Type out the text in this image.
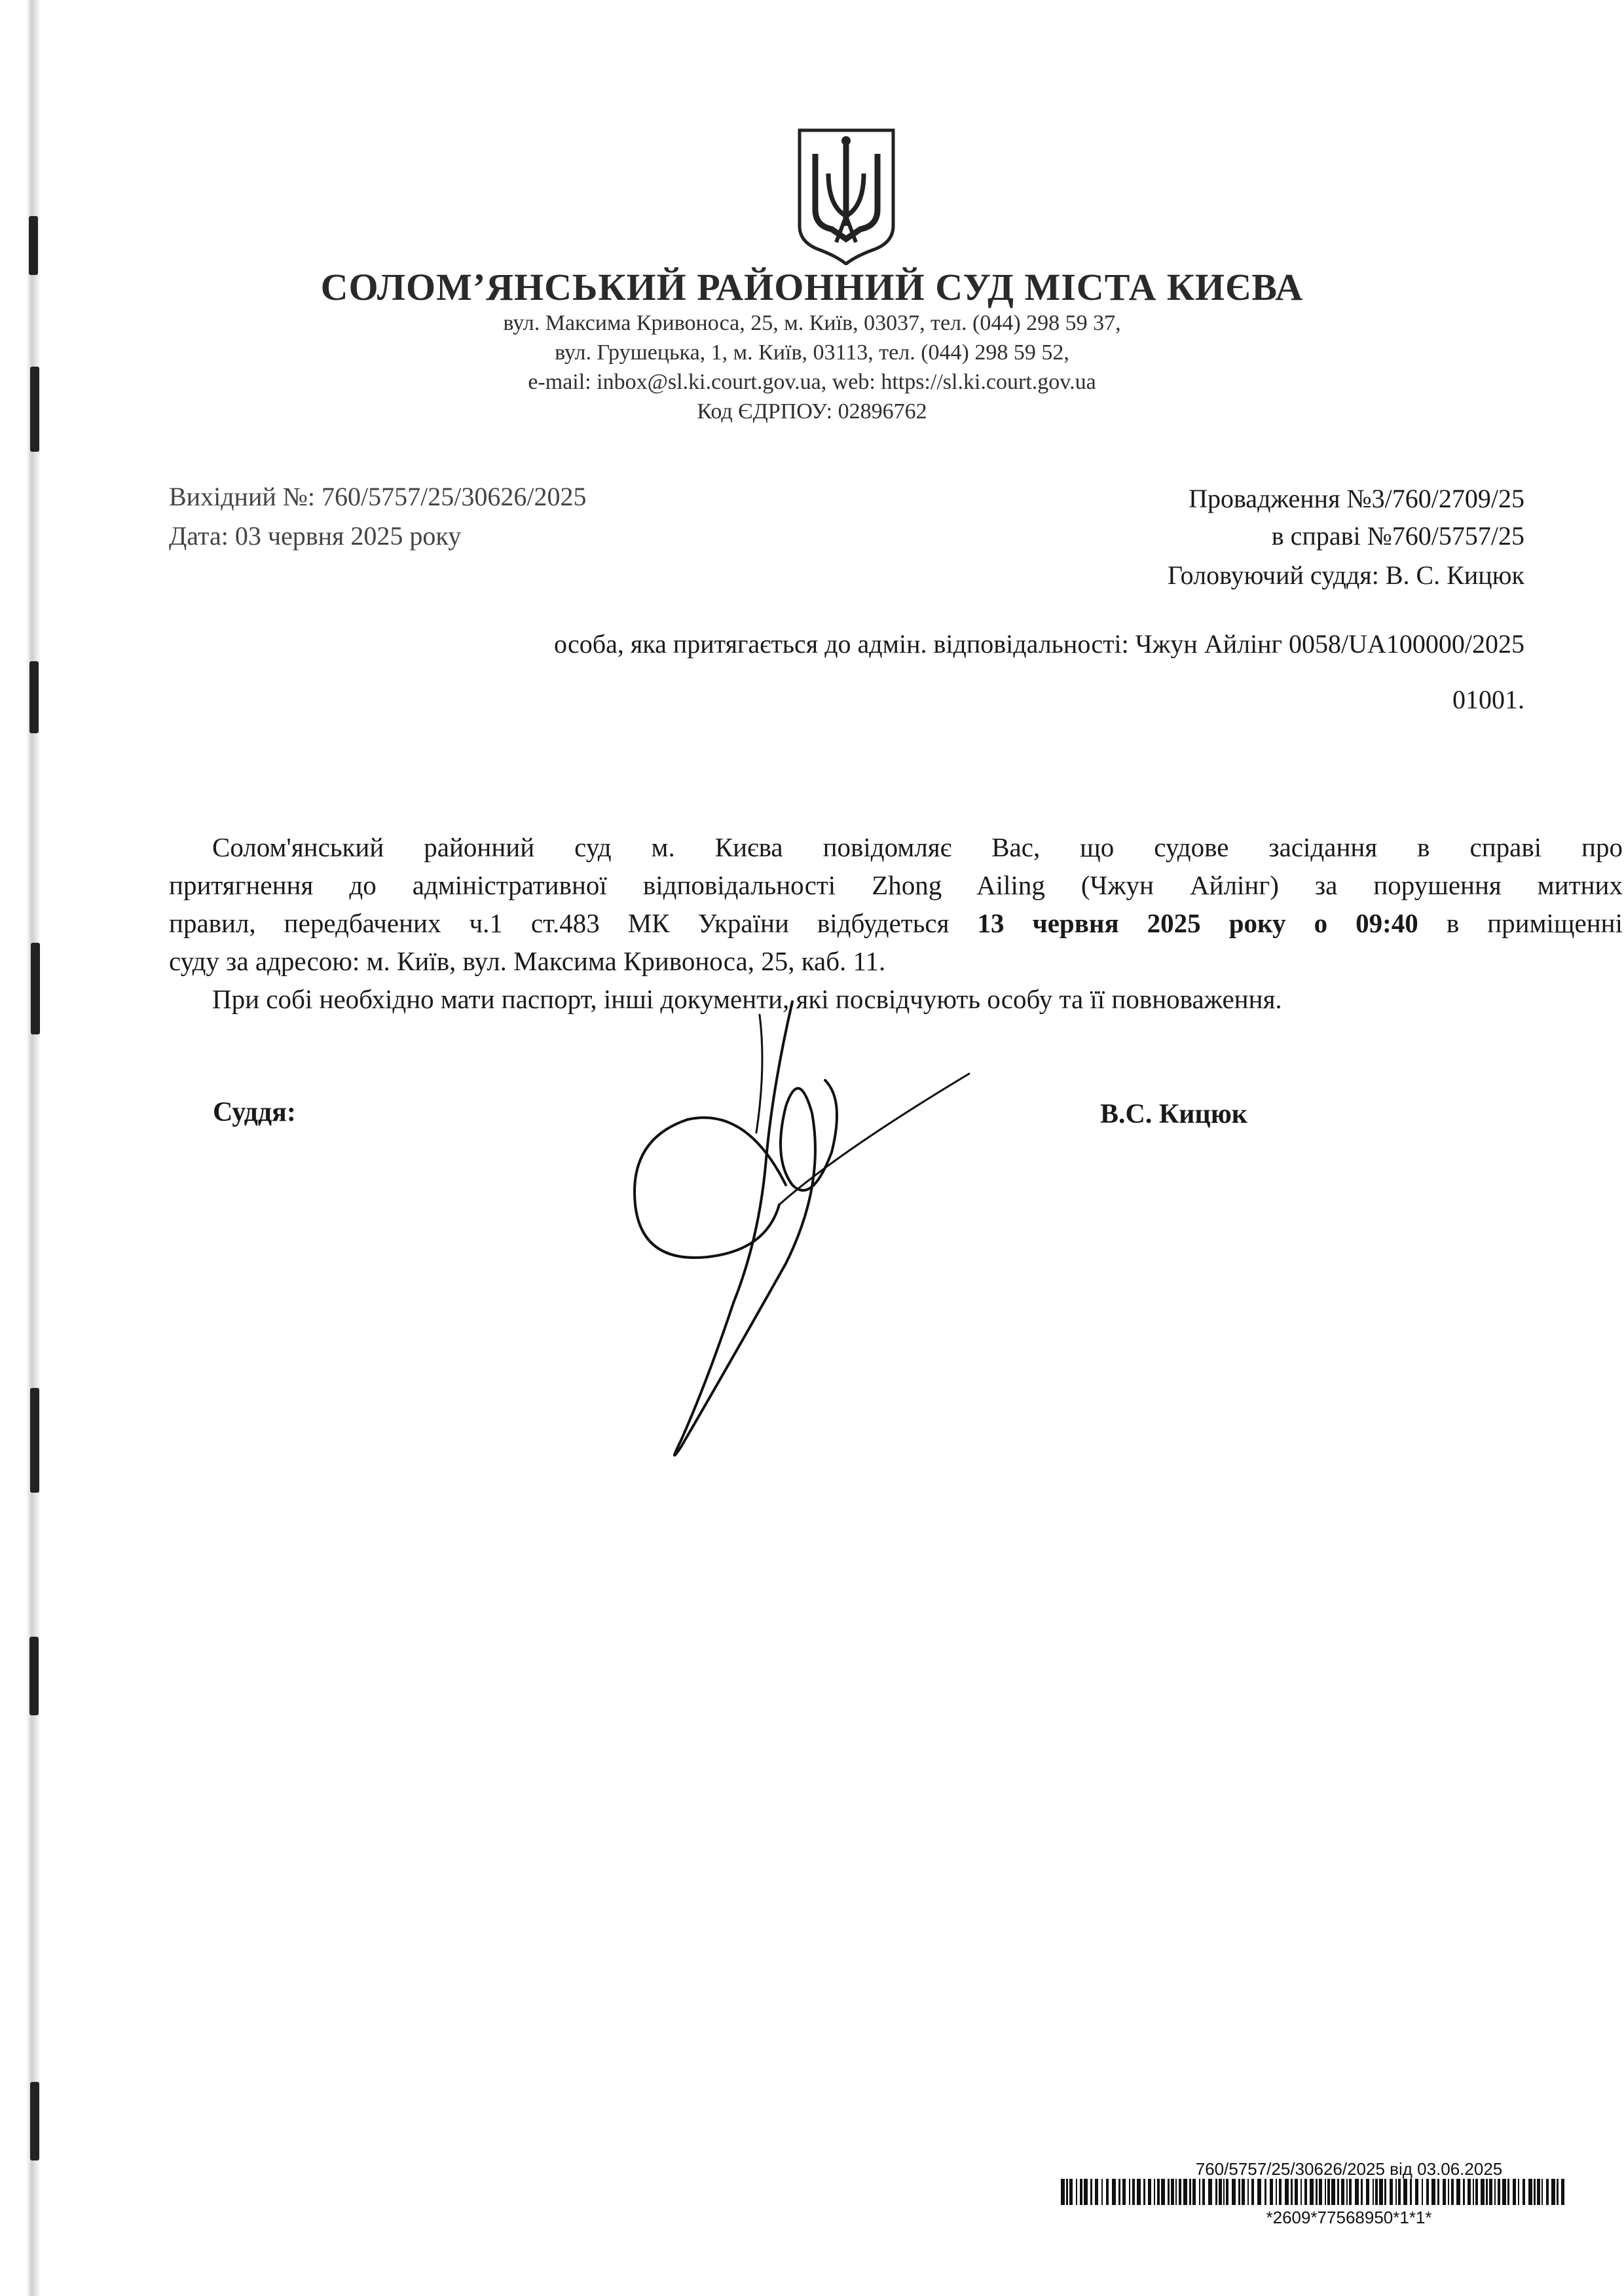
СОЛОМ’ЯНСЬКИЙ РАЙОННИЙ СУД МІСТА КИЄВА
вул. Максима Кривоноса, 25, м. Київ, 03037, тел. (044) 298 59 37,
вул. Грушецька, 1, м. Київ, 03113, тел. (044) 298 59 52,
e-mail: inbox@sl.ki.court.gov.ua, web: https://sl.ki.court.gov.ua
Код ЄДРПОУ: 02896762
Вихідний №: 760/5757/25/30626/2025
Дата: 03 червня 2025 року
Провадження №3/760/2709/25
в справі №760/5757/25
Головуючий суддя: В. С. Кицюк
особа, яка притягається до адмін. відповідальності: Чжун Айлінг 0058/UA100000/2025
01001.
Солом'янський районний суд м. Києва повідомляє Вас, що судове засідання в справі про
притягнення до адміністративної відповідальності Zhong Ailing (Чжун Айлінг) за порушення митних
правил, передбачених ч.1 ст.483 МК України відбудеться 13 червня 2025 року о 09:40 в приміщенні
суду за адресою: м. Київ, вул. Максима Кривоноса, 25, каб. 11.
При собі необхідно мати паспорт, інші документи, які посвідчують особу та її повноваження.
Суддя:	В.С. Кицюк
760/5757/25/30626/2025 від 03.06.2025
*2609*77568950*1*1*
